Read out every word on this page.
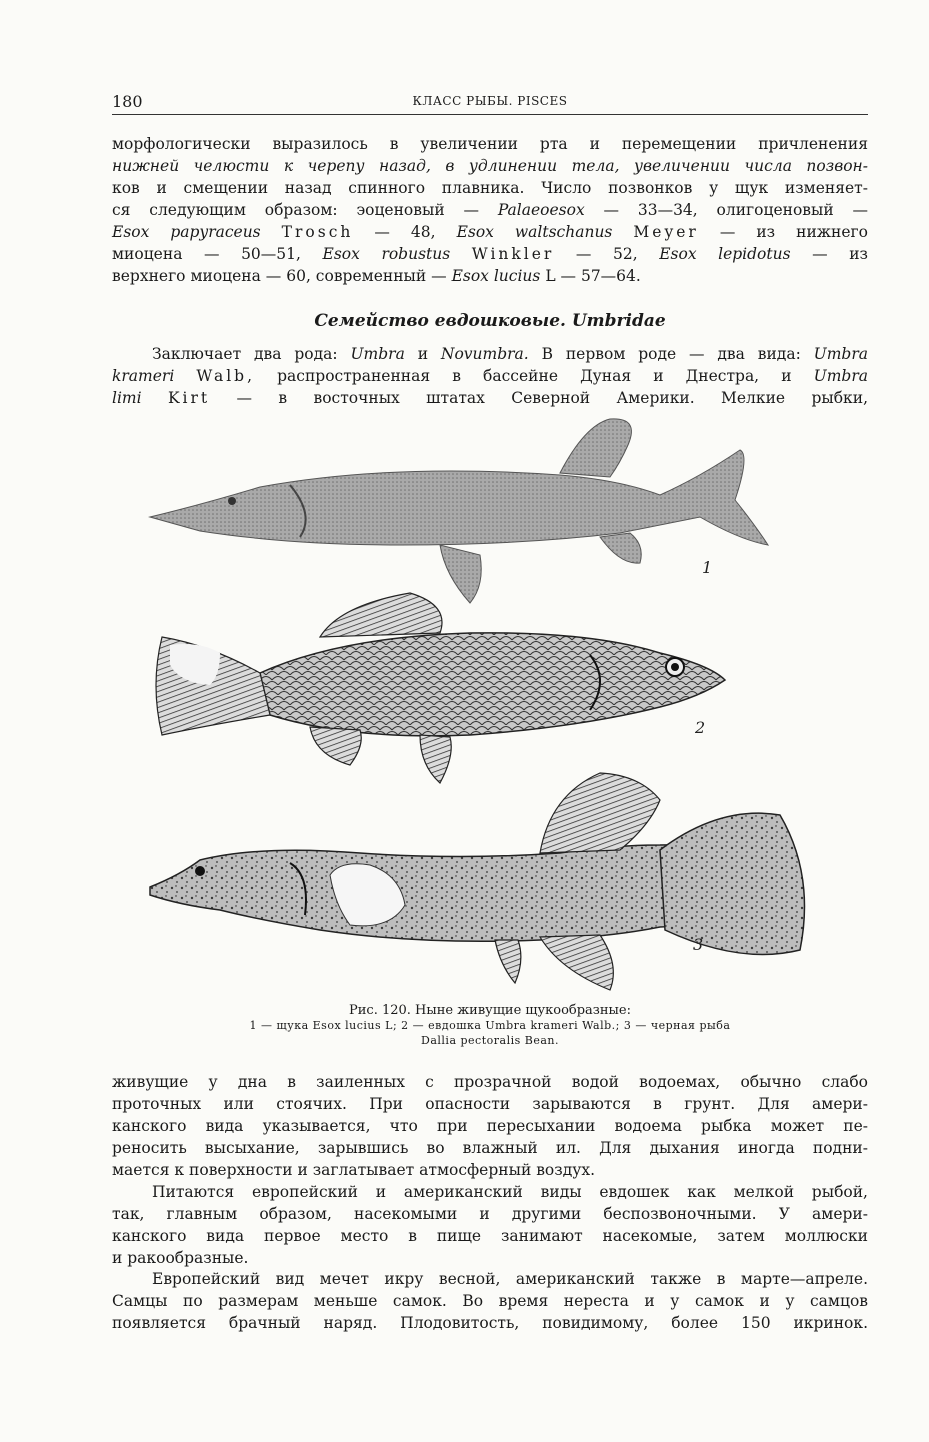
180	КЛАСС РЫБЫ. PISCES
морфологически выразилось в увеличении рта и перемещении причленения
нижней челюсти к черепу назад, в удлинении тела, увеличении числа позвон-
ков и смещении назад спинного плавника. Число позвонков у щук изменяет-
ся следующим образом: эоценовый — Palaeoesox — 33—34, олигоценовый —
Esox papyraceus Trosch — 48, Esox waltschanus Meyer — из нижнего
миоцена — 50—51, Esox robustus Winkler — 52, Esox lepidotus — из
верхнего миоцена — 60, современный — Esox lucius L — 57—64.
Семейство евдошковые. Umbridae
Заключает два рода: Umbra и Novumbra. В первом роде — два вида: Umbra
krameri Walb, распространенная в бассейне Дуная и Днестра, и Umbra
limi Kirt — в восточных штатах Северной Америки. Мелкие рыбки,
1
2
3
Рис. 120. Ныне живущие щукообразные:
1 — щука Esox lucius L; 2 — евдошка Umbra krameri Walb.; 3 — черная рыба
Dallia pectoralis Bean.
живущие у дна в заиленных с прозрачной водой водоемах, обычно слабо
проточных или стоячих. При опасности зарываются в грунт. Для амери-
канского вида указывается, что при пересыхании водоема рыбка может пе-
реносить высыхание, зарывшись во влажный ил. Для дыхания иногда подни-
мается к поверхности и заглатывает атмосферный воздух.
Питаются европейский и американский виды евдошек как мелкой рыбой,
так, главным образом, насекомыми и другими беспозвоночными. У амери-
канского вида первое место в пище занимают насекомые, затем моллюски
и ракообразные.
Европейский вид мечет икру весной, американский также в марте—апреле.
Самцы по размерам меньше самок. Во время нереста и у самок и у самцов
появляется брачный наряд. Плодовитость, повидимому, более 150 икринок.
